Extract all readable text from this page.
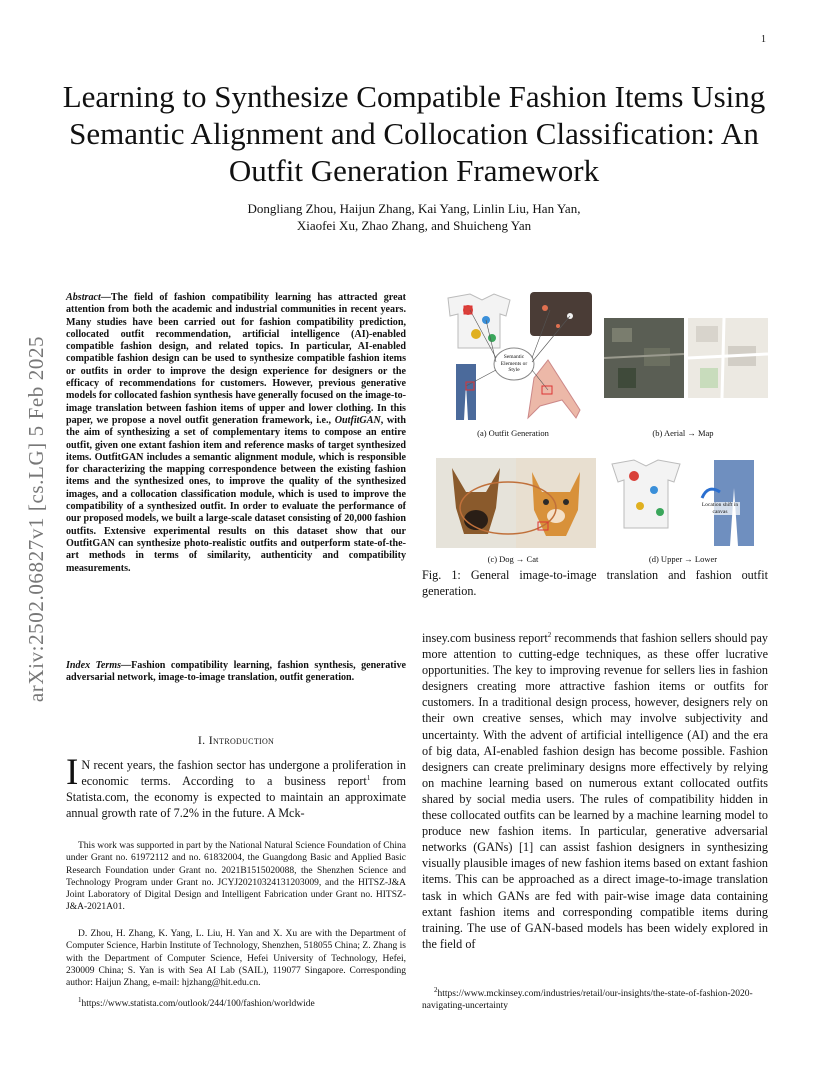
1
Learning to Synthesize Compatible Fashion Items Using Semantic Alignment and Collocation Classification: An Outfit Generation Framework
Dongliang Zhou, Haijun Zhang, Kai Yang, Linlin Liu, Han Yan,
Xiaofei Xu, Zhao Zhang, and Shuicheng Yan
arXiv:2502.06827v1 [cs.LG] 5 Feb 2025
Abstract—The field of fashion compatibility learning has attracted great attention from both the academic and industrial communities in recent years. Many studies have been carried out for fashion compatibility prediction, collocated outfit recommendation, artificial intelligence (AI)-enabled compatible fashion design, and related topics. In particular, AI-enabled compatible fashion design can be used to synthesize compatible fashion items or outfits in order to improve the design experience for designers or the efficacy of recommendations for customers. However, previous generative models for collocated fashion synthesis have generally focused on the image-to-image translation between fashion items of upper and lower clothing. In this paper, we propose a novel outfit generation framework, i.e., OutfitGAN, with the aim of synthesizing a set of complementary items to compose an entire outfit, given one extant fashion item and reference masks of target synthesized items. OutfitGAN includes a semantic alignment module, which is responsible for characterizing the mapping correspondence between the existing fashion items and the synthesized ones, to improve the quality of the synthesized images, and a collocation classification module, which is used to improve the compatibility of a synthesized outfit. In order to evaluate the performance of our proposed models, we built a large-scale dataset consisting of 20,000 fashion outfits. Extensive experimental results on this dataset show that our OutfitGAN can synthesize photo-realistic outfits and outperform state-of-the-art methods in terms of similarity, authenticity and compatibility measurements.
Index Terms—Fashion compatibility learning, fashion synthesis, generative adversarial network, image-to-image translation, outfit generation.
I. Introduction
I N recent years, the fashion sector has undergone a proliferation in economic terms. According to a business report$^1$ from Statista.com, the economy is expected to maintain an approximate annual growth rate of 7.2% in the future. A Mck-
This work was supported in part by the National Natural Science Foundation of China under Grant no. 61972112 and no. 61832004, the Guangdong Basic and Applied Basic Research Foundation under Grant no. 2021B1515020088, the Shenzhen Science and Technology Program under Grant no. JCYJ20210324131203009, and the HITSZ-J&A Joint Laboratory of Digital Design and Intelligent Fabrication under Grant no. HITSZ-J&A-2021A01.
D. Zhou, H. Zhang, K. Yang, L. Liu, H. Yan and X. Xu are with the Department of Computer Science, Harbin Institute of Technology, Shenzhen, 518055 China; Z. Zhang is with the Department of Computer Science, Hefei University of Technology, Hefei, 230009 China; S. Yan is with Sea AI Lab (SAIL), 119077 Singapore. Corresponding author: Haijun Zhang, e-mail: hjzhang@hit.edu.cn.
$^1$https://www.statista.com/outlook/244/100/fashion/worldwide
Semantic Elements or Style
(a) Outfit Generation	(b) Aerial → Map
Location shift in canvas
(c) Dog → Cat	(d) Upper → Lower
Fig. 1: General image-to-image translation and fashion outfit generation.
insey.com business report$^2$ recommends that fashion sellers should pay more attention to cutting-edge techniques, as these offer lucrative opportunities. The key to improving revenue for sellers lies in fashion designers creating more attractive fashion items or outfits for customers. In a traditional design process, however, designers rely on their own creative senses, which may involve subjectivity and uncertainty. With the advent of artificial intelligence (AI) and the era of big data, AI-enabled fashion design has become possible. Fashion designers can create preliminary designs more effectively by relying on machine learning based on numerous extant collocated outfits shared by social media users. The rules of compatibility hidden in these collocated outfits can be learned by a machine learning model to produce new fashion items. In particular, generative adversarial networks (GANs) [1] can assist fashion designers in synthesizing visually plausible images of new fashion items based on extant fashion items. This can be approached as a direct image-to-image translation task in which GANs are fed with pair-wise image data containing extant fashion items and corresponding compatible items during training. The use of GAN-based models has been widely explored in the field of
$^2$https://www.mckinsey.com/industries/retail/our-insights/the-state-of-fashion-2020-navigating-uncertainty
